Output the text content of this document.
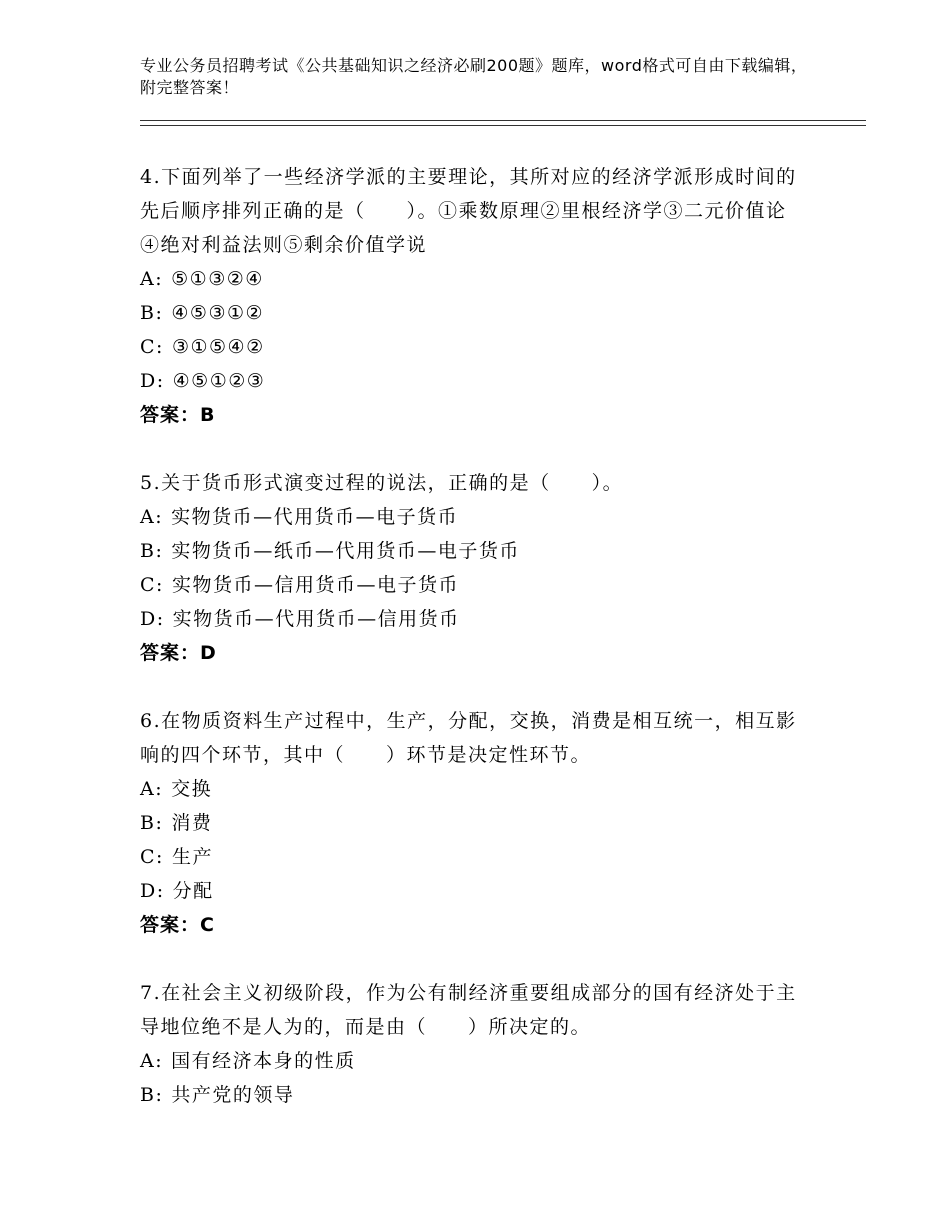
专业公务员招聘考试《公共基础知识之经济必刷200题》题库，word格式可自由下载编辑，附完整答案！
4.下面列举了一些经济学派的主要理论，其所对应的经济学派形成时间的先后顺序排列正确的是（　　）。①乘数原理②里根经济学③二元价值论④绝对利益法则⑤剩余价值学说
A: ⑤①③②④
B: ④⑤③①②
C: ③①⑤④②
D: ④⑤①②③
答案：B
5.关于货币形式演变过程的说法，正确的是（　　）。
A: 实物货币—代用货币—电子货币
B: 实物货币—纸币—代用货币—电子货币
C: 实物货币—信用货币—电子货币
D: 实物货币—代用货币—信用货币
答案：D
6.在物质资料生产过程中，生产，分配，交换，消费是相互统一，相互影响的四个环节，其中（　　）环节是决定性环节。
A: 交换
B: 消费
C: 生产
D: 分配
答案：C
7.在社会主义初级阶段，作为公有制经济重要组成部分的国有经济处于主导地位绝不是人为的，而是由（　　）所决定的。
A: 国有经济本身的性质
B: 共产党的领导
